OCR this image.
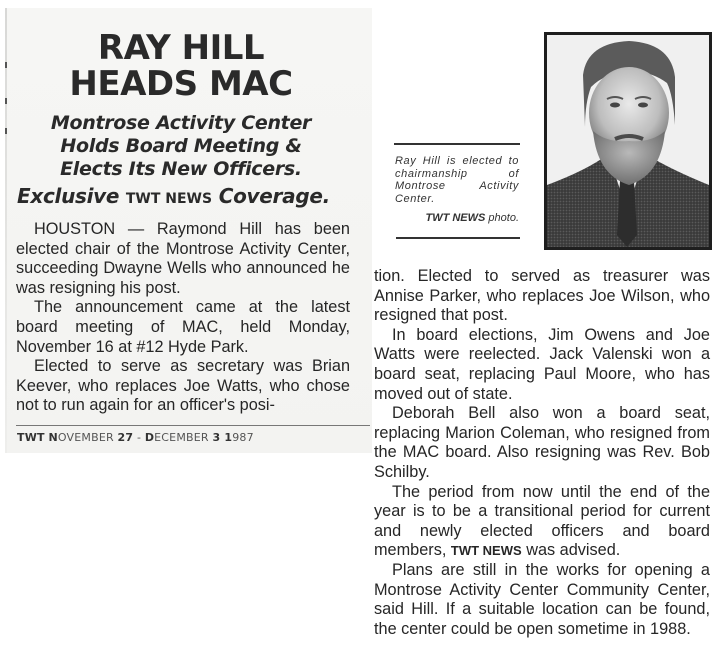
RAY HILL
HEADS MAC
Montrose Activity Center
Holds Board Meeting &
Elects Its New Officers.
Exclusive TWT NEWS Coverage.

HOUSTON — Raymond Hill has been elected chair of the Montrose Activity Center, succeeding Dwayne Wells who announced he was resigning his post.

The announcement came at the latest board meeting of MAC, held Monday, November 16 at #12 Hyde Park.

Elected to serve as secretary was Brian Keever, who replaces Joe Watts, who chose not to run again for an officer's posi-

TWT NOVEMBER 27 - DECEMBER 3 1987
Ray Hill is elected to chairmanship of Montrose Activity Center.
TWT NEWS photo.

tion. Elected to served as treasurer was Annise Parker, who replaces Joe Wilson, who resigned that post.

In board elections, Jim Owens and Joe Watts were reelected. Jack Valenski won a board seat, replacing Paul Moore, who has moved out of state.

Deborah Bell also won a board seat, replacing Marion Coleman, who resigned from the MAC board. Also resigning was Rev. Bob Schilby.

The period from now until the end of the year is to be a transitional period for current and newly elected officers and board members, TWT NEWS was advised.

Plans are still in the works for opening a Montrose Activity Center Community Center, said Hill. If a suitable location can be found, the center could be open sometime in 1988.
